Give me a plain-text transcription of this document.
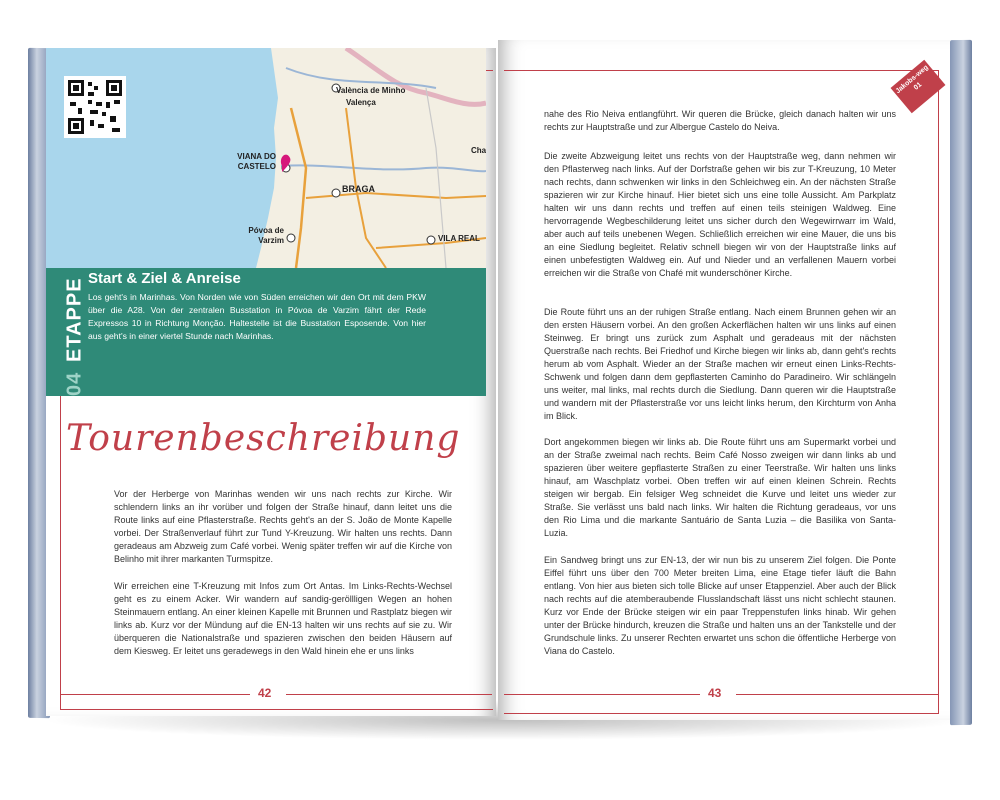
València de Minho
Valença
VIANA DO CASTELO
BRAGA
Póvoa de Varzim	VILA REAL
Cha
Start & Ziel & Anreise

Los geht's in Marinhas. Von Norden wie von Süden erreichen wir den Ort mit dem PKW über die A28. Von der zentralen Busstation in Póvoa de Varzim fährt der Rede Expressos 10 in Richtung Monção. Haltestelle ist die Busstation Esposende. Von hier aus geht's in einer viertel Stunde nach Marinhas.

04
ETAPPE
Tourenbeschreibung
Vor der Herberge von Marinhas wenden wir uns nach rechts zur Kirche. Wir schlendern links an ihr vorüber und folgen der Straße hinauf, dann leitet uns die Route links auf eine Pflasterstraße. Rechts geht's an der S. João de Monte Kapelle vorbei. Der Straßenverlauf führt zur Tund Y-Kreuzung. Wir halten uns rechts. Dann geradeaus am Abzweig zum Café vorbei. Wenig später treffen wir auf die Kirche von Belinho mit ihrer markanten Turmspitze.
Wir erreichen eine T-Kreuzung mit Infos zum Ort Antas. Im Links-Rechts-Wechsel geht es zu einem Acker. Wir wandern auf sandig-geröllligen Wegen an hohen Steinmauern entlang. An einer kleinen Kapelle mit Brunnen und Rastplatz biegen wir links ab. Kurz vor der Mündung auf die EN-13 halten wir uns rechts auf sie zu. Wir überqueren die Nationalstraße und spazieren zwischen den beiden Häusern auf dem Kiesweg. Er leitet uns geradewegs in den Wald hinein ehe er uns links
42
Jakobs-weg 01
nahe des Rio Neiva entlangführt. Wir queren die Brücke, gleich danach halten wir uns rechts zur Hauptstraße und zur Albergue Castelo do Neiva.
Die zweite Abzweigung leitet uns rechts von der Hauptstraße weg, dann nehmen wir den Pflasterweg nach links. Auf der Dorfstraße gehen wir bis zur T-Kreuzung, 10 Meter nach rechts, dann schwenken wir links in den Schleichweg ein. An der nächsten Straße spazieren wir zur Kirche hinauf. Hier bietet sich uns eine tolle Aussicht. Am Parkplatz halten wir uns dann rechts und treffen auf einen teils steinigen Waldweg. Eine hervorragende Wegbeschilderung leitet uns sicher durch den Wegewirrwarr im Wald, aber auch auf teils unebenen Wegen. Schließlich erreichen wir eine Mauer, die uns bis an eine Siedlung begleitet. Relativ schnell biegen wir von der Hauptstraße links auf einen unbefestigten Waldweg ein. Auf und Nieder und an verfallenen Mauern vorbei erreichen wir die Straße von Chafé mit wunderschöner Kirche.
Die Route führt uns an der ruhigen Straße entlang. Nach einem Brunnen gehen wir an den ersten Häusern vorbei. An den großen Ackerflächen halten wir uns links auf einen Steinweg. Er bringt uns zurück zum Asphalt und geradeaus mit der nächsten Querstraße nach rechts. Bei Friedhof und Kirche biegen wir links ab, dann geht's rechts herum ab vom Asphalt. Wieder an der Straße machen wir erneut einen Links-Rechts-Schwenk und folgen dann dem gepflasterten Caminho do Paradineiro. Wir schlängeln uns weiter, mal links, mal rechts durch die Siedlung. Dann queren wir die Hauptstraße und wandern mit der Pflasterstraße vor uns leicht links herum, den Kirchturm von Anha im Blick.
Dort angekommen biegen wir links ab. Die Route führt uns am Supermarkt vorbei und an der Straße zweimal nach rechts. Beim Café Nosso zweigen wir dann links ab und spazieren über weitere gepflasterte Straßen zu einer Teerstraße. Wir halten uns links hinauf, am Waschplatz vorbei. Oben treffen wir auf einen kleinen Schrein. Rechts steigen wir bergab. Ein felsiger Weg schneidet die Kurve und leitet uns wieder zur Straße. Sie verlässt uns bald nach links. Wir halten die Richtung geradeaus, vor uns den Rio Lima und die markante Santuário de Santa Luzia – die Basilika von Santa-Luzia.
Ein Sandweg bringt uns zur EN-13, der wir nun bis zu unserem Ziel folgen. Die Ponte Eiffel führt uns über den 700 Meter breiten Lima, eine Etage tiefer läuft die Bahn entlang. Von hier aus bieten sich tolle Blicke auf unser Etappenziel. Aber auch der Blick nach rechts auf die atemberaubende Flusslandschaft lässt uns nicht schlecht staunen. Kurz vor Ende der Brücke steigen wir ein paar Treppenstufen links hinab. Wir gehen unter der Brücke hindurch, kreuzen die Straße und halten uns an der Tankstelle und der Grundschule links. Zu unserer Rechten erwartet uns schon die öffentliche Herberge von Viana do Castelo.
43
